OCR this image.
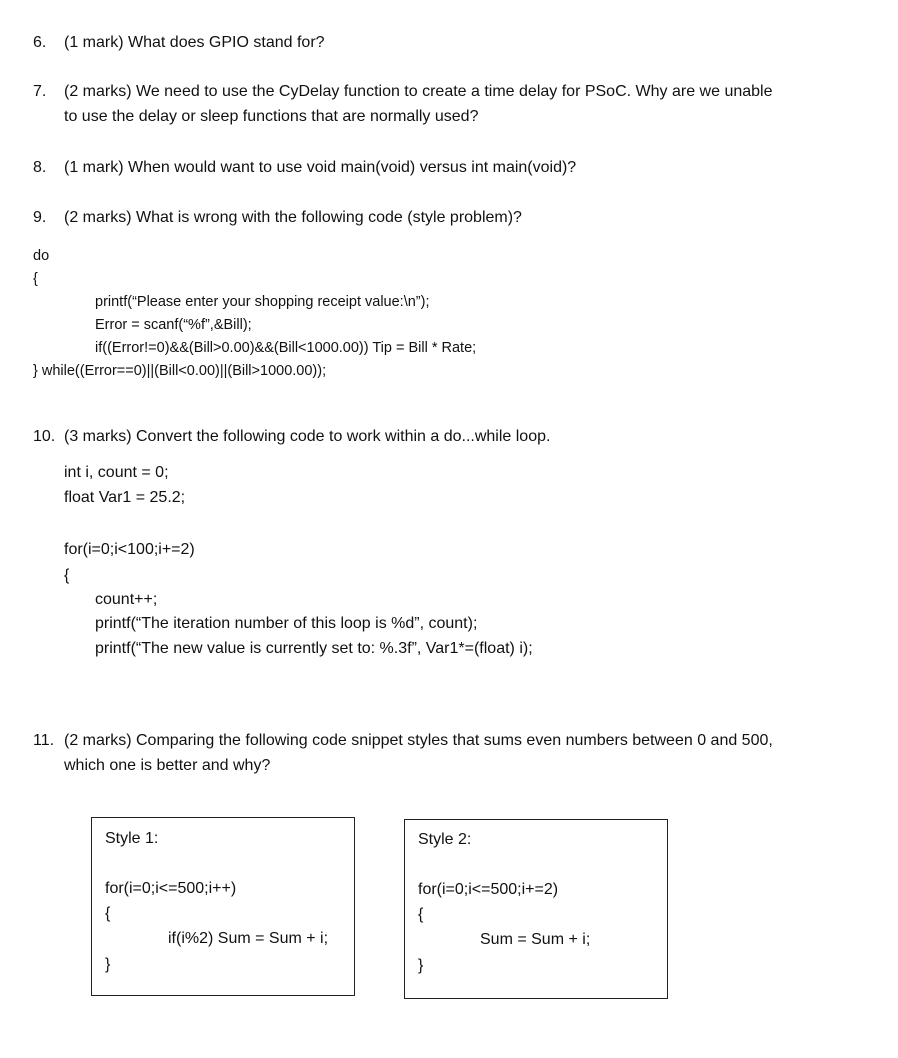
6. (1 mark) What does GPIO stand for?
7. (2 marks) We need to use the CyDelay function to create a time delay for PSoC. Why are we unable
to use the delay or sleep functions that are normally used?
8. (1 mark) When would want to use void main(void) versus int main(void)?
9. (2 marks) What is wrong with the following code (style problem)?
do
{
printf(“Please enter your shopping receipt value:\n”);
Error = scanf(“%f”,&Bill);
if((Error!=0)&&(Bill>0.00)&&(Bill<1000.00)) Tip = Bill * Rate;
} while((Error==0)||(Bill<0.00)||(Bill>1000.00));
10. (3 marks) Convert the following code to work within a do...while loop.
int i, count = 0;
float Var1 = 25.2;
for(i=0;i<100;i+=2)
{
count++;
printf(“The iteration number of this loop is %d”, count);
printf(“The new value is currently set to: %.3f”, Var1*=(float) i);
11. (2 marks) Comparing the following code snippet styles that sums even numbers between 0 and 500,
which one is better and why?
Style 1:
for(i=0;i<=500;i++)
{
if(i%2) Sum = Sum + i;
}
Style 2:
for(i=0;i<=500;i+=2)
{
Sum = Sum + i;
}
